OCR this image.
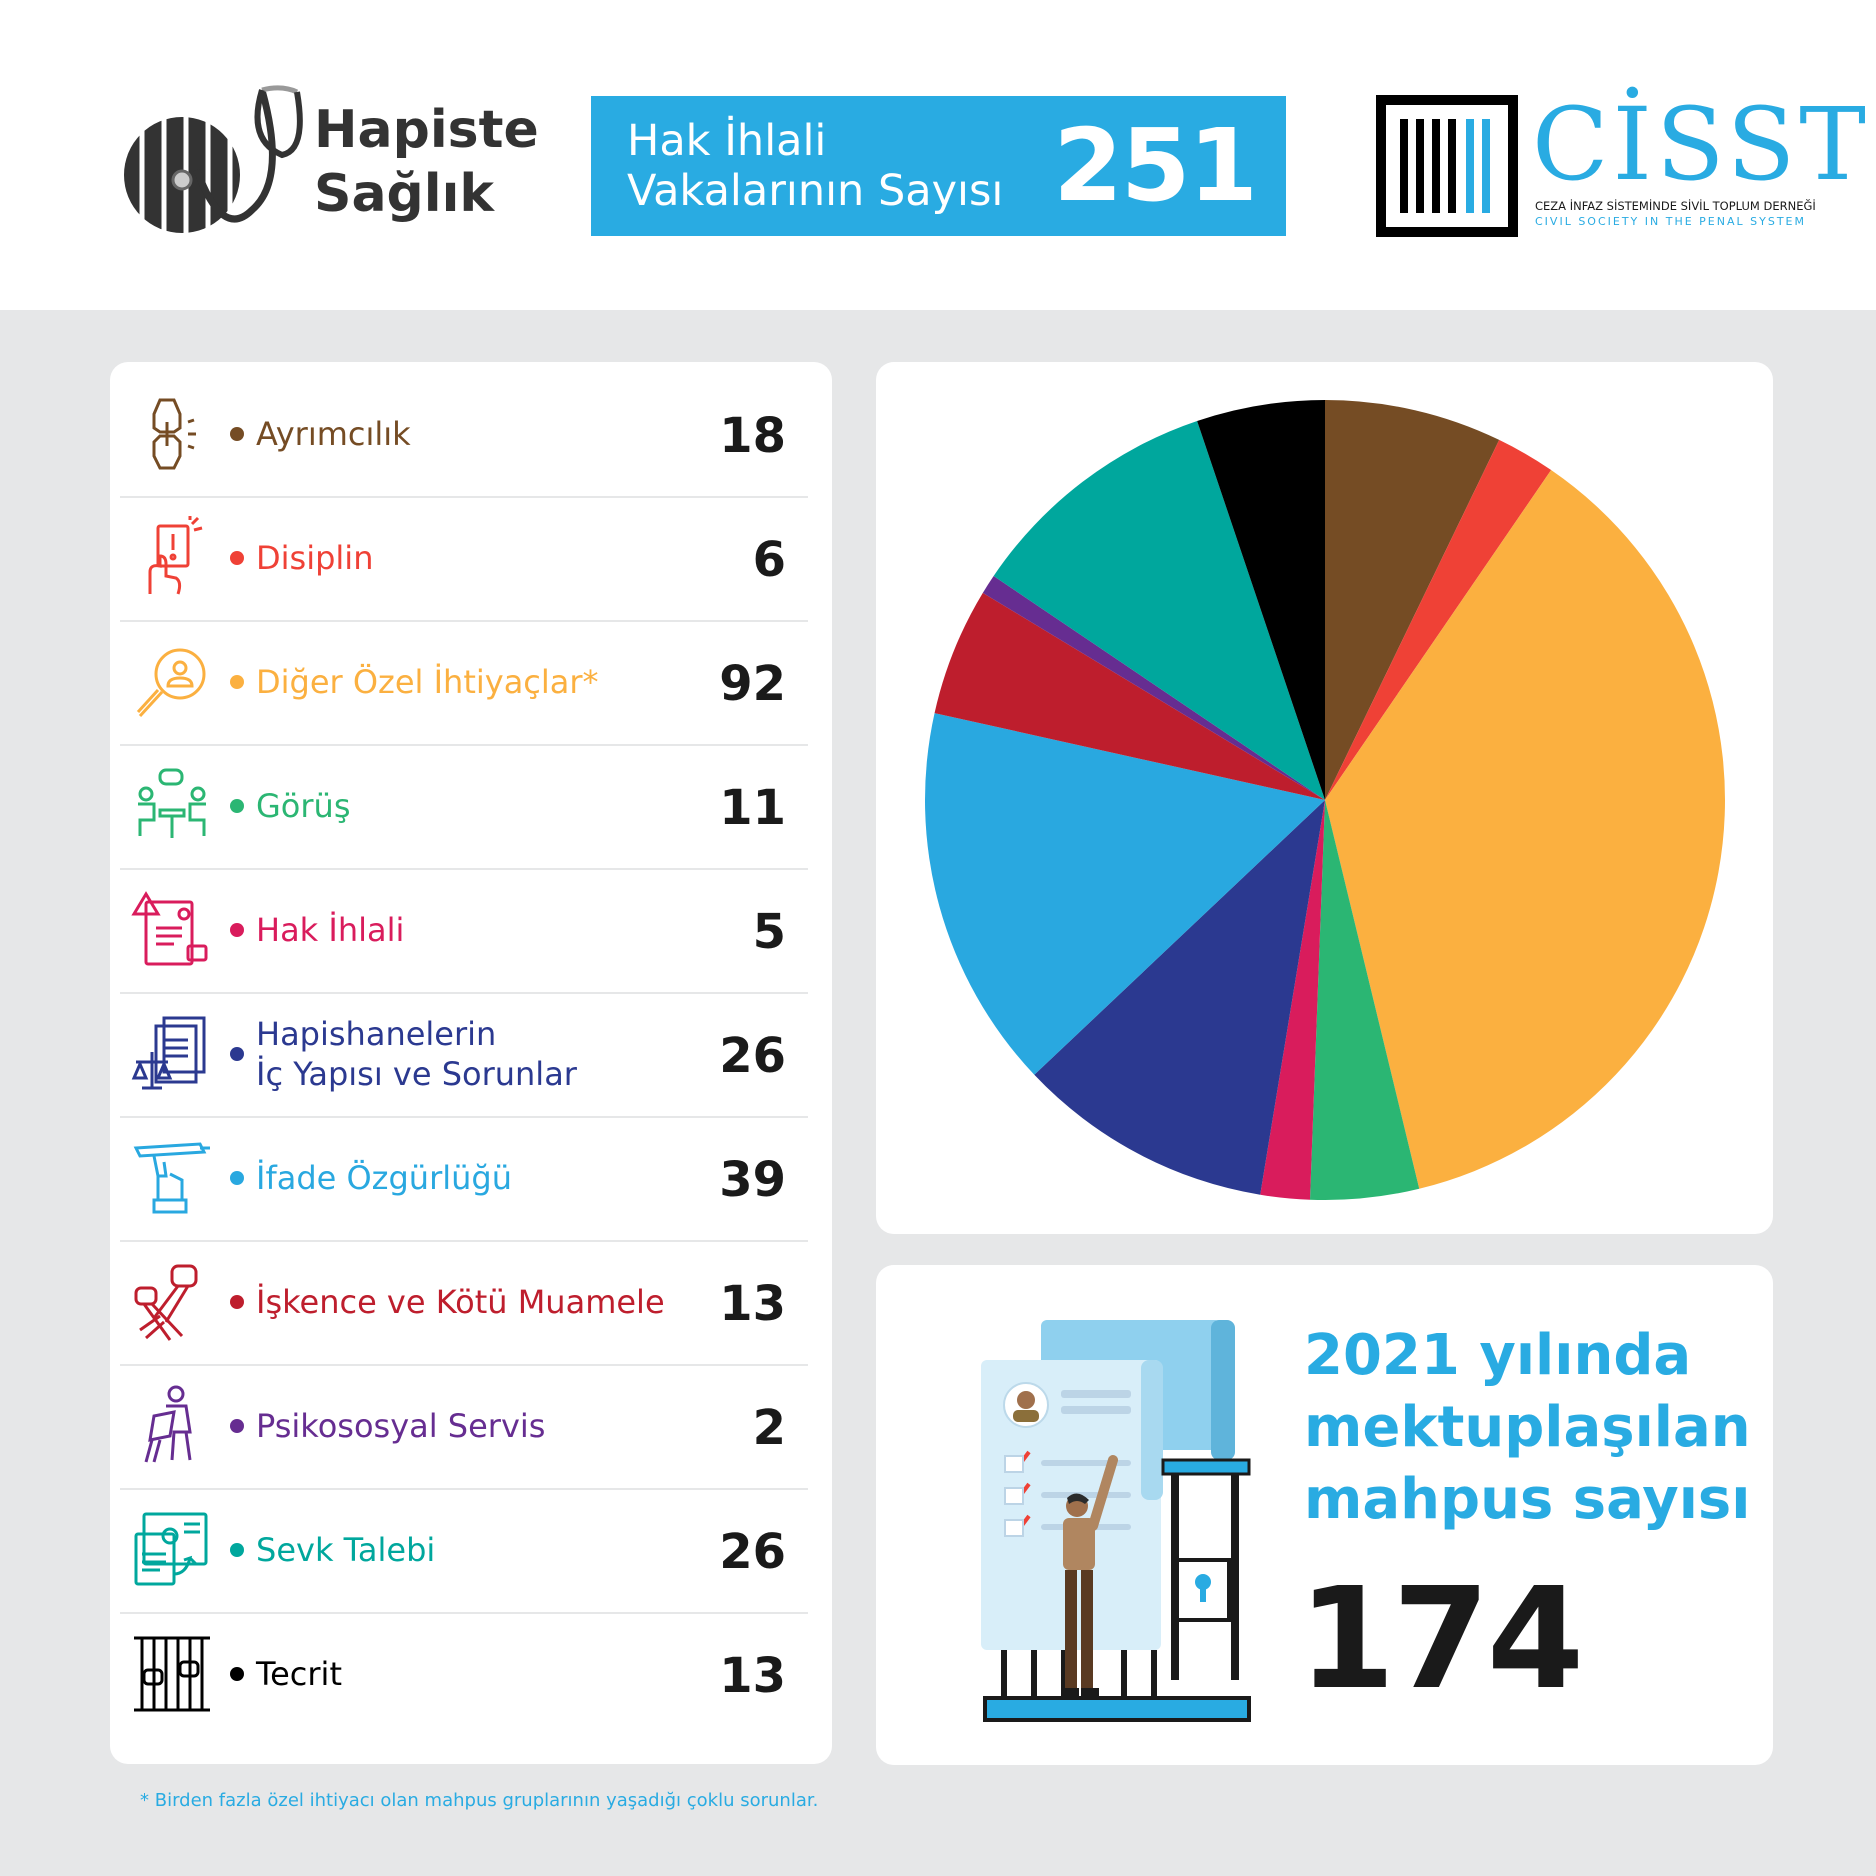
Hapiste
Sağlık
Hak İhlali
Vakalarının Sayısı 251	CİSST
CEZA İNFAZ SİSTEMİNDE SİVİL TOPLUM DERNEĞİ
CIVIL SOCIETY IN THE PENAL SYSTEM
Ayrımcılık	18
Disiplin	6
Diğer Özel İhtiyaçlar*	92
Görüş	11
Hak İhlali	5
Hapishanelerin
İç Yapısı ve Sorunlar	26
İfade Özgürlüğü	39
İşkence ve Kötü Muamele	13
Psikososyal Servis	2
Sevk Talebi	26
Tecrit	13
2021 yılında
mektuplaşılan
mahpus sayısı
174
* Birden fazla özel ihtiyacı olan mahpus gruplarının yaşadığı çoklu sorunlar.
